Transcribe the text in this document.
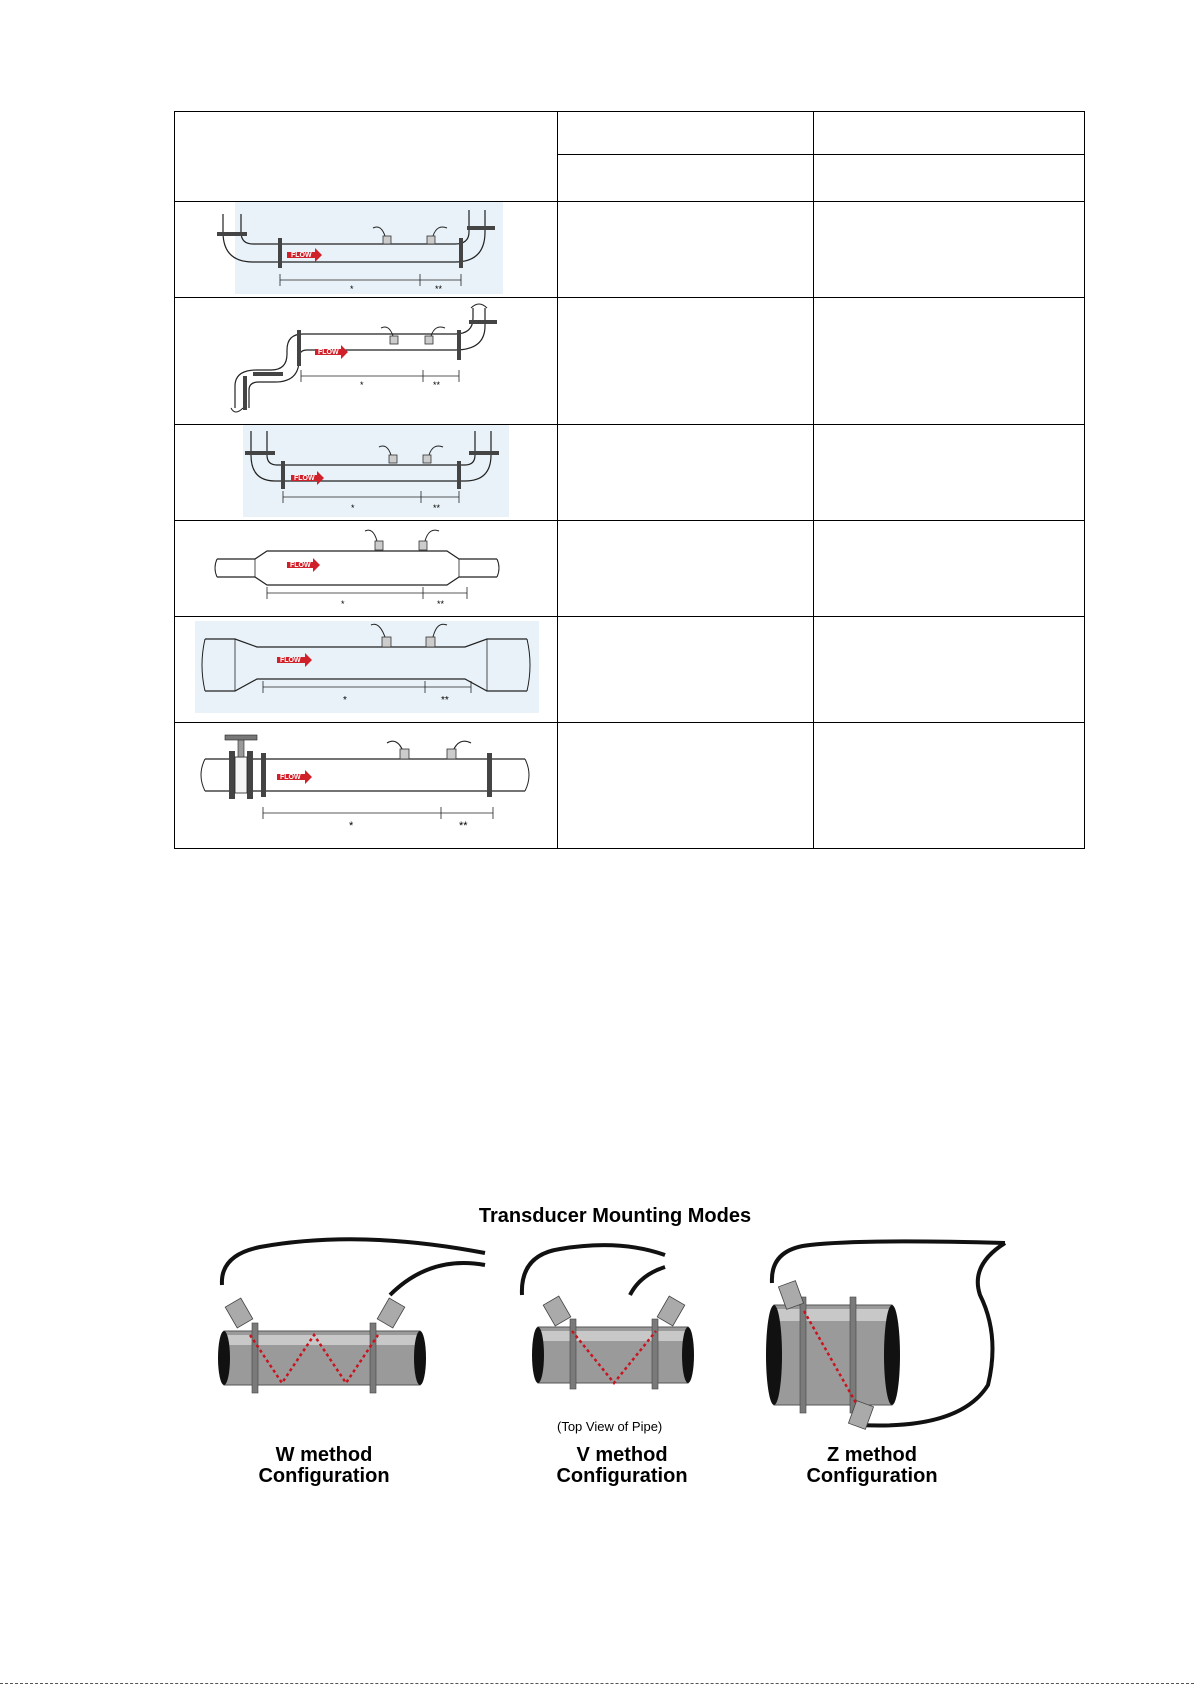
FLOW
* **		

FLOW
* **		

FLOW
* **		

FLOW
* **		

FLOW
* **		

FLOW
* **		

Transducer Mounting Modes
(Top View of Pipe)
W method
Configuration
V method
Configuration
Z method
Configuration
